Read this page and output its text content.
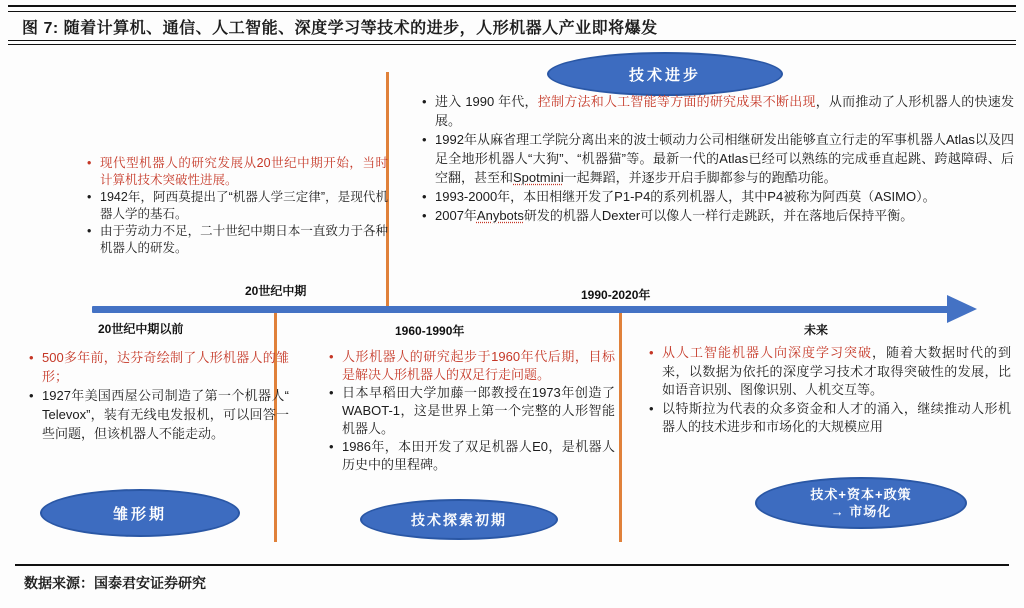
图 7: 随着计算机、通信、人工智能、深度学习等技术的进步，人形机器人产业即将爆发
技术进步
• 现代型机器人的研究发展从20世纪中期开始，当时计算机技术突破性进展。
• 1942年，阿西莫提出了“机器人学三定律”，是现代机器人学的基石。
• 由于劳动力不足，二十世纪中期日本一直致力于各种机器人的研发。
• 进入 1990 年代，控制方法和人工智能等方面的研究成果不断出现，从而推动了人形机器人的快速发展。
• 1992年从麻省理工学院分离出来的波士顿动力公司相继研发出能够直立行走的军事机器人Atlas以及四足全地形机器人“大狗”、“机器猫”等。最新一代的Atlas已经可以熟练的完成垂直起跳、跨越障碍、后空翻，甚至和Spotmini一起舞蹈，并逐步开启手脚都参与的跑酷功能。
• 1993-2000年，本田相继开发了P1-P4的系列机器人，其中P4被称为阿西莫（ASIMO）。
• 2007年Anybots研发的机器人Dexter可以像人一样行走跳跃，并在落地后保持平衡。
• 500多年前，达芬奇绘制了人形机器人的雏形；
• 1927年美国西屋公司制造了第一个机器人“ Televox”，装有无线电发报机，可以回答一些问题，但该机器人不能走动。
• 人形机器人的研究起步于1960年代后期，目标是解决人形机器人的双足行走问题。
• 日本早稻田大学加藤一郎教授在1973年创造了WABOT-1，这是世界上第一个完整的人形智能机器人。
• 1986年，本田开发了双足机器人E0，是机器人历史中的里程碑。
• 从人工智能机器人向深度学习突破，随着大数据时代的到来，以数据为依托的深度学习技术才取得突破性的发展，比如语音识别、图像识别、人机交互等。
• 以特斯拉为代表的众多资金和人才的涌入，继续推动人形机器人的技术进步和市场化的大规模应用
20世纪中期	1990-2020年
20世纪中期以前	1960-1990年	未来
雏形期	技术探索初期
技术+资本+政策
→ 市场化
数据来源：国泰君安证券研究
